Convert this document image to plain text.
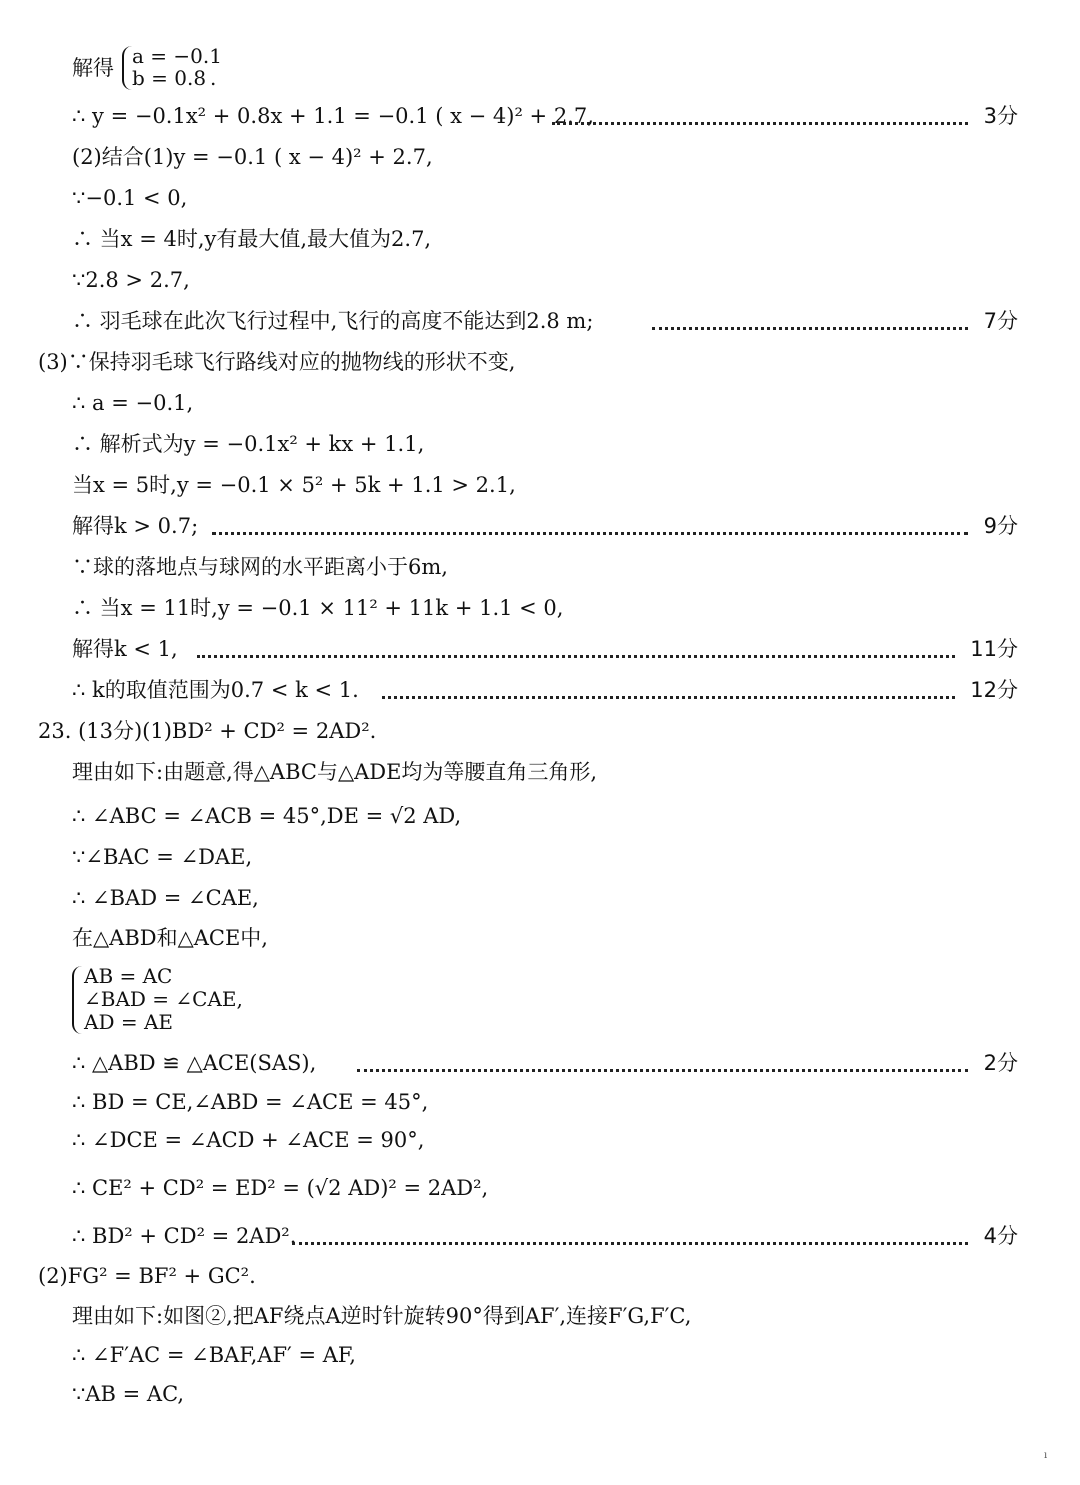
解得 a = −0.1
b = 0.8 .
∴ y = −0.1x² + 0.8x + 1.1 = −0.1 ( x − 4)² + 2.7,	3分
(2)结合(1)y = −0.1 ( x − 4)² + 2.7,
∵−0.1 < 0,
∴ 当x = 4时,y有最大值,最大值为2.7,
∵2.8 > 2.7,
∴ 羽毛球在此次飞行过程中,飞行的高度不能达到2.8 m;	7分
(3)∵保持羽毛球飞行路线对应的抛物线的形状不变,
∴ a = −0.1,
∴ 解析式为y = −0.1x² + kx + 1.1,
当x = 5时,y = −0.1 × 5² + 5k + 1.1 > 2.1,
解得k > 0.7;	9分
∵球的落地点与球网的水平距离小于6m,
∴ 当x = 11时,y = −0.1 × 11² + 11k + 1.1 < 0,
解得k < 1,	11分
∴ k的取值范围为0.7 < k < 1.	12分
23. (13分)(1)BD² + CD² = 2AD².
理由如下:由题意,得△ABC与△ADE均为等腰直角三角形,
∴ ∠ABC = ∠ACB = 45°,DE = √2 AD,
∵∠BAC = ∠DAE,
∴ ∠BAD = ∠CAE,
在△ABD和△ACE中,
AB = AC
∠BAD = ∠CAE,
AD = AE
∴ △ABD ≌ △ACE(SAS),	2分
∴ BD = CE,∠ABD = ∠ACE = 45°,
∴ ∠DCE = ∠ACD + ∠ACE = 90°,
∴ CE² + CD² = ED² = (√2 AD)² = 2AD²,
∴ BD² + CD² = 2AD².	4分
(2)FG² = BF² + GC².
理由如下:如图②,把AF绕点A逆时针旋转90°得到AF′,连接F′G,F′C,
∴ ∠F′AC = ∠BAF,AF′ = AF,
∵AB = AC,
ı
